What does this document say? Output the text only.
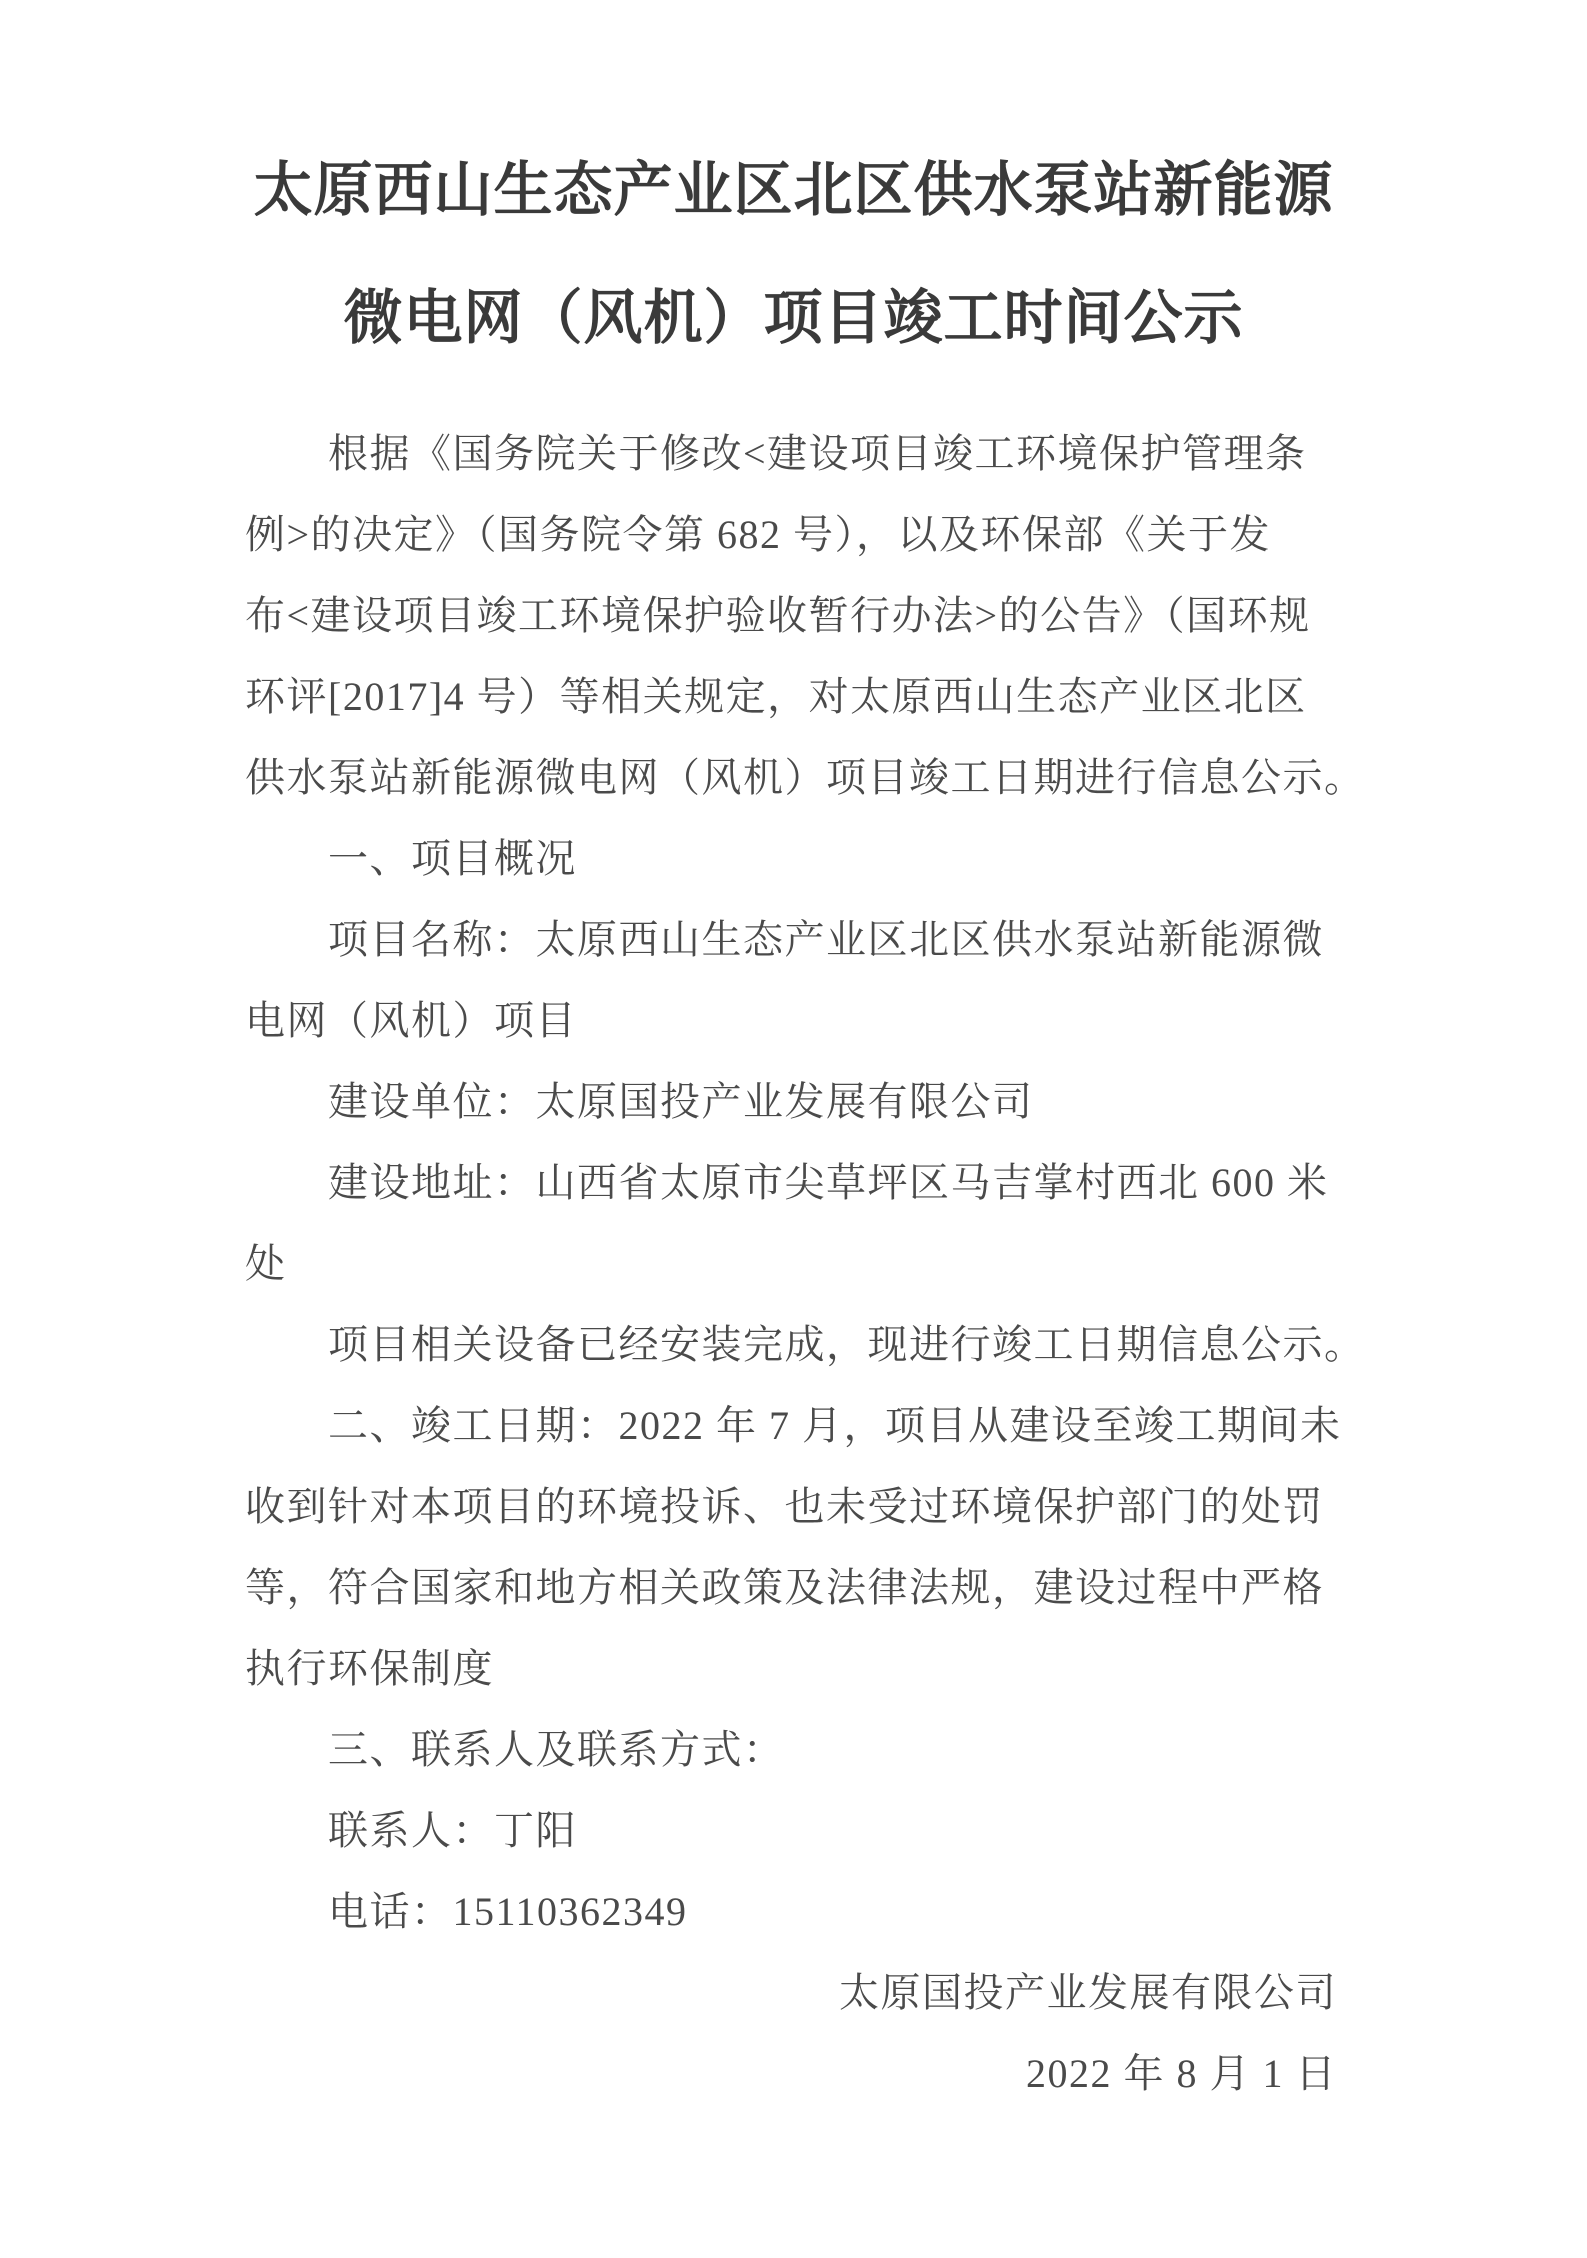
太原西山生态产业区北区供水泵站新能源
微电网（风机）项目竣工时间公示
根据《国务院关于修改<建设项目竣工环境保护管理条
例>的决定》（国务院令第 682 号），以及环保部《关于发
布<建设项目竣工环境保护验收暂行办法>的公告》（国环规
环评[2017]4 号）等相关规定，对太原西山生态产业区北区
供水泵站新能源微电网（风机）项目竣工日期进行信息公示。
一、项目概况
项目名称：太原西山生态产业区北区供水泵站新能源微
电网（风机）项目
建设单位：太原国投产业发展有限公司
建设地址：山西省太原市尖草坪区马吉掌村西北 600 米
处
项目相关设备已经安装完成，现进行竣工日期信息公示。
二、竣工日期：2022 年 7 月，项目从建设至竣工期间未
收到针对本项目的环境投诉、也未受过环境保护部门的处罚
等，符合国家和地方相关政策及法律法规，建设过程中严格
执行环保制度
三、联系人及联系方式：
联系人：丁阳
电话：15110362349
太原国投产业发展有限公司
2022 年 8 月 1 日
